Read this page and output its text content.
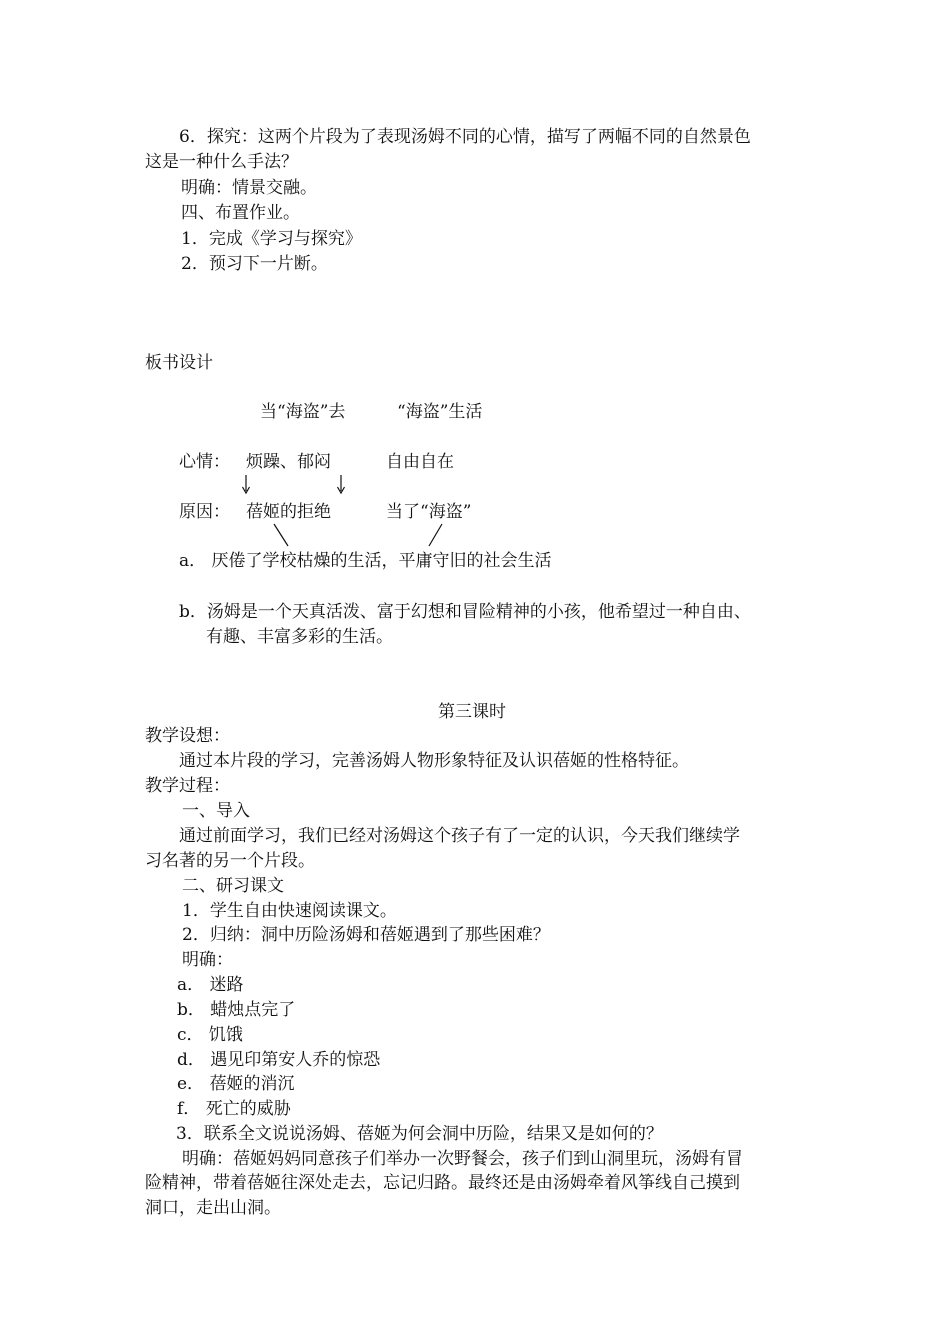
6．探究：这两个片段为了表现汤姆不同的心情，描写了两幅不同的自然景色
这是一种什么手法？
明确：情景交融。
四、布置作业。
1．完成《学习与探究》
2．预习下一片断。
板书设计
当“海盗”去	“海盗”生活
心情： 烦躁、郁闷	自由自在
原因： 蓓姬的拒绝	当了“海盗”
a． 厌倦了学校枯燥的生活，平庸守旧的社会生活
b．汤姆是一个天真活泼、富于幻想和冒险精神的小孩，他希望过一种自由、
有趣、丰富多彩的生活。
第三课时
教学设想：
通过本片段的学习，完善汤姆人物形象特征及认识蓓姬的性格特征。
教学过程：
一、导入
通过前面学习，我们已经对汤姆这个孩子有了一定的认识，今天我们继续学
习名著的另一个片段。
二、研习课文
1．学生自由快速阅读课文。
2．归纳：洞中历险汤姆和蓓姬遇到了那些困难？
明确：
a． 迷路
b． 蜡烛点完了
c． 饥饿
d． 遇见印第安人乔的惊恐
e． 蓓姬的消沉
f． 死亡的威胁
3．联系全文说说汤姆、蓓姬为何会洞中历险，结果又是如何的？
明确：蓓姬妈妈同意孩子们举办一次野餐会，孩子们到山洞里玩，汤姆有冒
险精神，带着蓓姬往深处走去，忘记归路。最终还是由汤姆牵着风筝线自己摸到
洞口，走出山洞。
